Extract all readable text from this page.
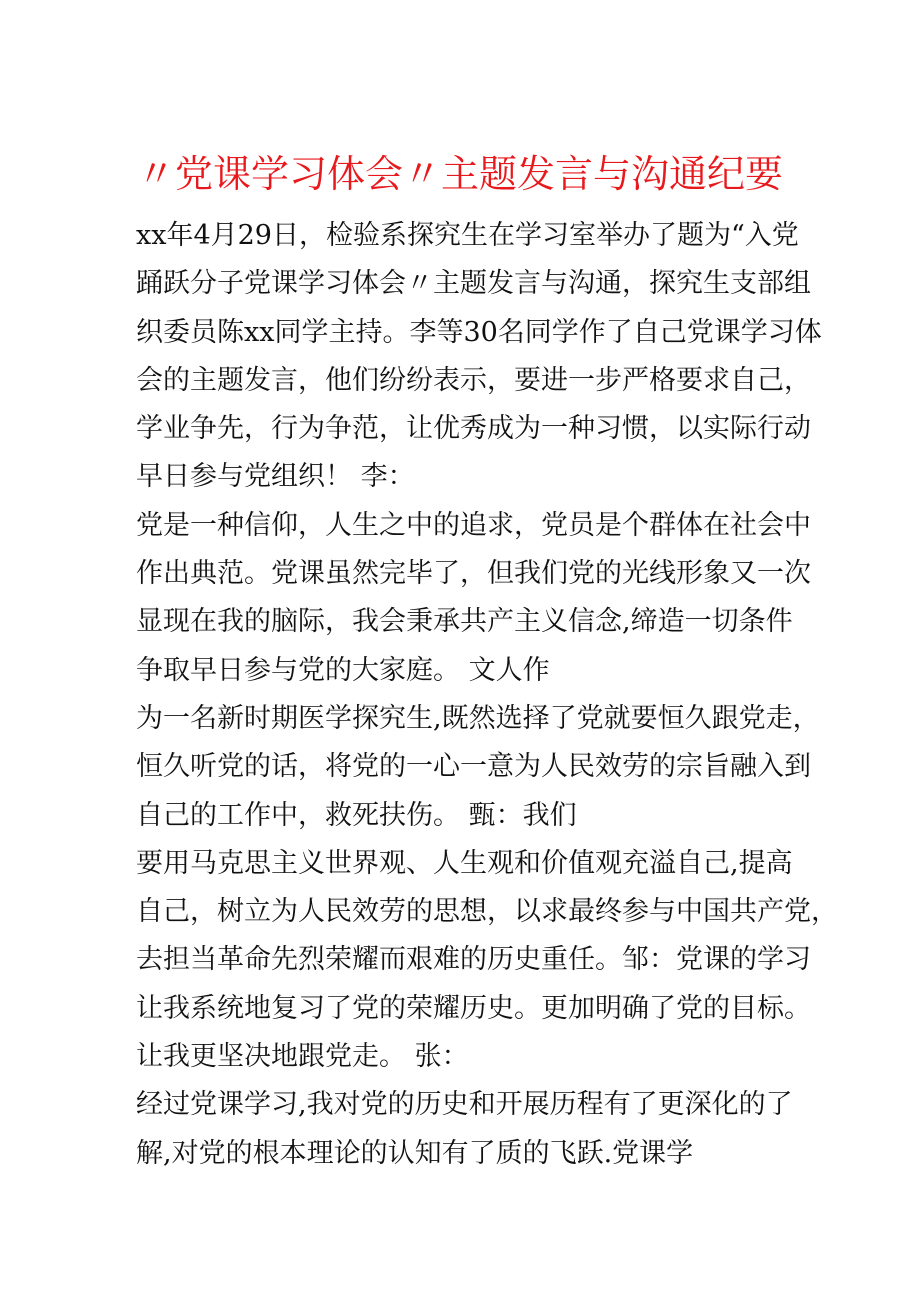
〃党课学习体会〃主题发言与沟通纪要
xx年4月29日，检验系探究生在学习室举办了题为“入党
踊跃分子党课学习体会〃主题发言与沟通，探究生支部组
织委员陈xx同学主持。李等30名同学作了自己党课学习体
会的主题发言，他们纷纷表示，要进一步严格要求自己，
学业争先，行为争范，让优秀成为一种习惯，以实际行动
早日参与党组织！ 李：
党是一种信仰，人生之中的追求，党员是个群体在社会中
作出典范。党课虽然完毕了，但我们党的光线形象又一次
显现在我的脑际，我会秉承共产主义信念,缔造一切条件
争取早日参与党的大家庭。 文人作
为一名新时期医学探究生,既然选择了党就要恒久跟党走，
恒久听党的话，将党的一心一意为人民效劳的宗旨融入到
自己的工作中，救死扶伤。 甄：我们
要用马克思主义世界观、人生观和价值观充溢自己,提高
自己，树立为人民效劳的思想，以求最终参与中国共产党，
去担当革命先烈荣耀而艰难的历史重任。邹：党课的学习
让我系统地复习了党的荣耀历史。更加明确了党的目标。
让我更坚决地跟党走。 张：
经过党课学习,我对党的历史和开展历程有了更深化的了
解,对党的根本理论的认知有了质的飞跃.党课学
